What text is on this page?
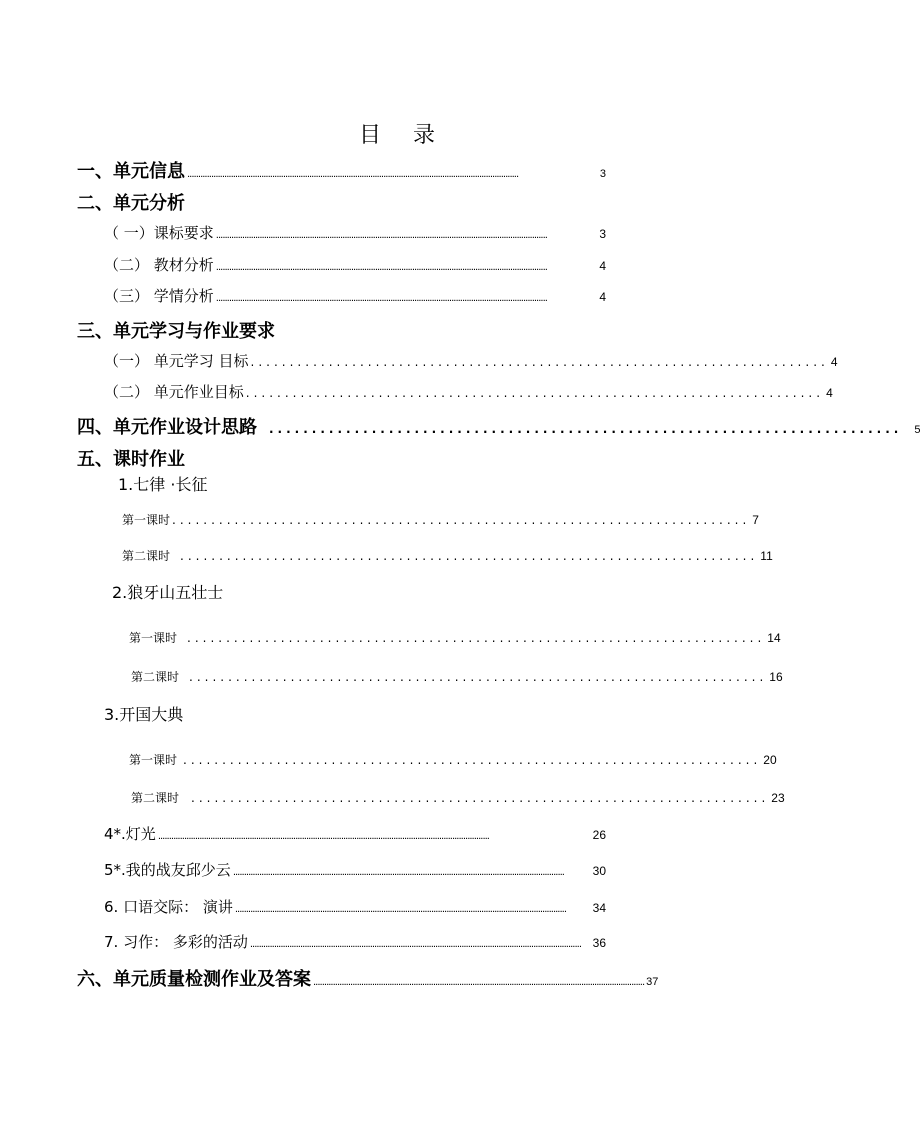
目 录
一、单元信息 ........................................................................................................................................................	3
二、单元分析
（ 一）课标要求 ........................................................................................................................................................	3
（二） 教材分析 ........................................................................................................................................................	4
（三） 学情分析 ........................................................................................................................................................	4
三、单元学习与作业要求
（一） 单元学习 目标 .......................................................................... 4
（二） 单元作业目标 .......................................................................... 4
四、单元作业设计思路 .......................................................................... 5
五、课时作业
1.七律 ·长征
第一课时 .......................................................................... 7
第二课时 .......................................................................... 11
2.狼牙山五壮士
第一课时 .......................................................................... 14
第二课时 .......................................................................... 16
3.开国大典
第一课时 .......................................................................... 20
第二课时 .......................................................................... 23
4*.灯光 ........................................................................................................................................................	26
5*.我的战友邱少云 ........................................................................................................................................................	30
6. 口语交际： 演讲 ........................................................................................................................................................	34
7. 习作： 多彩的活动 ........................................................................................................................................................ 36
六、单元质量检测作业及答案 ........................................................................................................................................................ 37
